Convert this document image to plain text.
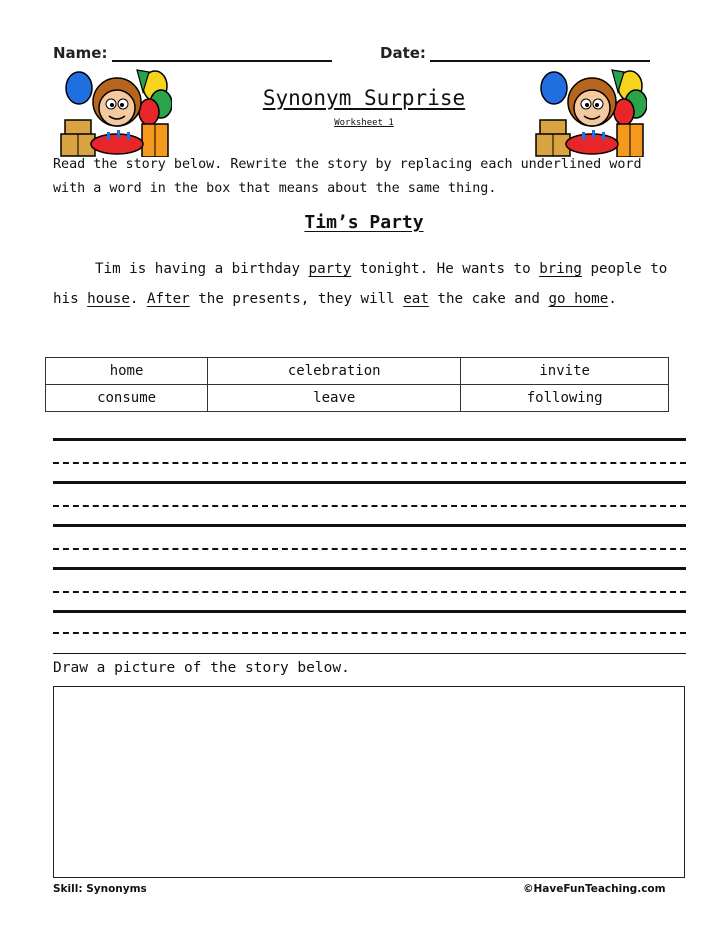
Name:	Date:
Synonym Surprise
Worksheet 1
Read the story below. Rewrite the story by replacing each underlined word with a word in the box that means about the same thing.
Tim’s Party
Tim is having a birthday party tonight. He wants to bring people to his house. After the presents, they will eat the cake and go home.
home	celebration	invite
consume	leave	following
Draw a picture of the story below.
Skill: Synonyms	©HaveFunTeaching.com
